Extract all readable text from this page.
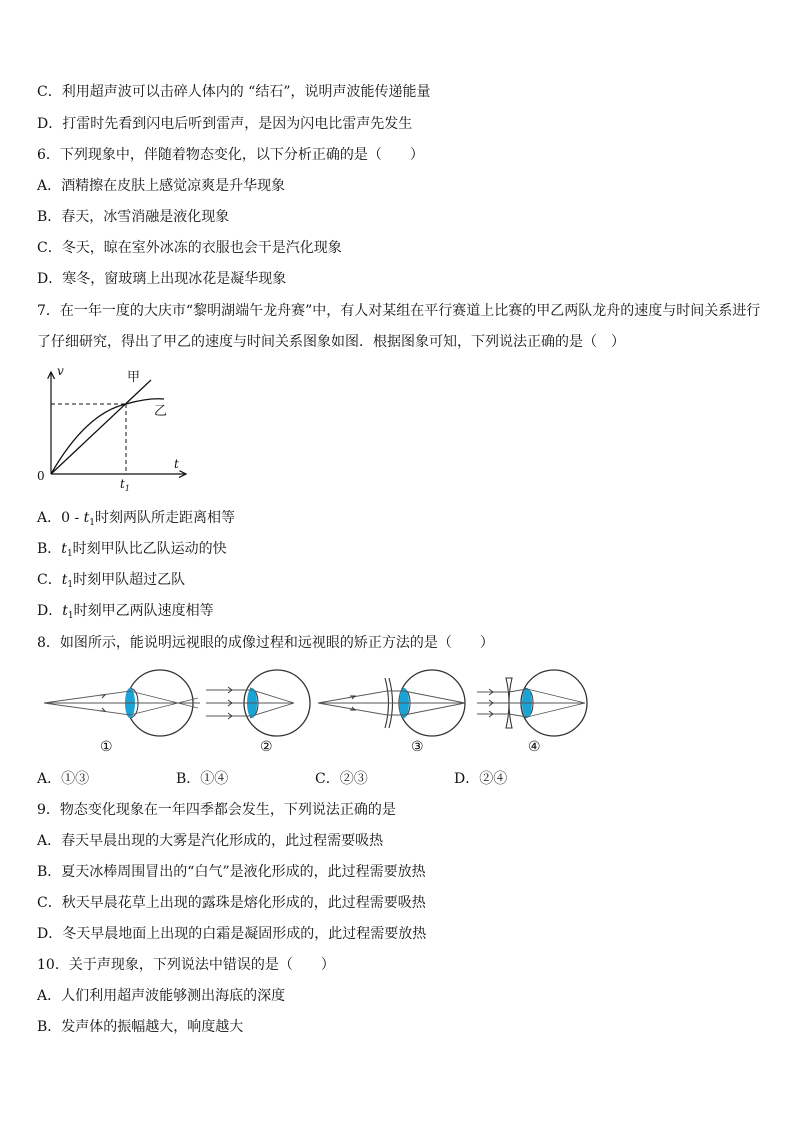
C．利用超声波可以击碎人体内的 “结石”，说明声波能传递能量
D．打雷时先看到闪电后听到雷声，是因为闪电比雷声先发生
6．下列现象中，伴随着物态变化，以下分析正确的是（　　）
A．酒精擦在皮肤上感觉凉爽是升华现象
B．春天，冰雪消融是液化现象
C．冬天，晾在室外冰冻的衣服也会干是汽化现象
D．寒冬，窗玻璃上出现冰花是凝华现象
7．在一年一度的大庆市“黎明湖端午龙舟赛”中，有人对某组在平行赛道上比赛的甲乙两队龙舟的速度与时间关系进行
了仔细研究，得出了甲乙的速度与时间关系图象如图．根据图象可知，下列说法正确的是（　）
v
t
0
$t_1$
甲
乙
A．$0 - t_1$时刻两队所走距离相等
B．$t_1$时刻甲队比乙队运动的快
C．$t_1$时刻甲队超过乙队
D．$t_1$时刻甲乙两队速度相等
8．如图所示，能说明远视眼的成像过程和远视眼的矫正方法的是（　　）
①	②	③	④
A．①③	B．①④	C．②③	D．②④
9．物态变化现象在一年四季都会发生，下列说法正确的是
A．春天早晨出现的大雾是汽化形成的，此过程需要吸热
B．夏天冰棒周围冒出的“白气”是液化形成的，此过程需要放热
C．秋天早晨花草上出现的露珠是熔化形成的，此过程需要吸热
D．冬天早晨地面上出现的白霜是凝固形成的，此过程需要放热
10．关于声现象，下列说法中错误的是（　　）
A．人们利用超声波能够测出海底的深度
B．发声体的振幅越大，响度越大
